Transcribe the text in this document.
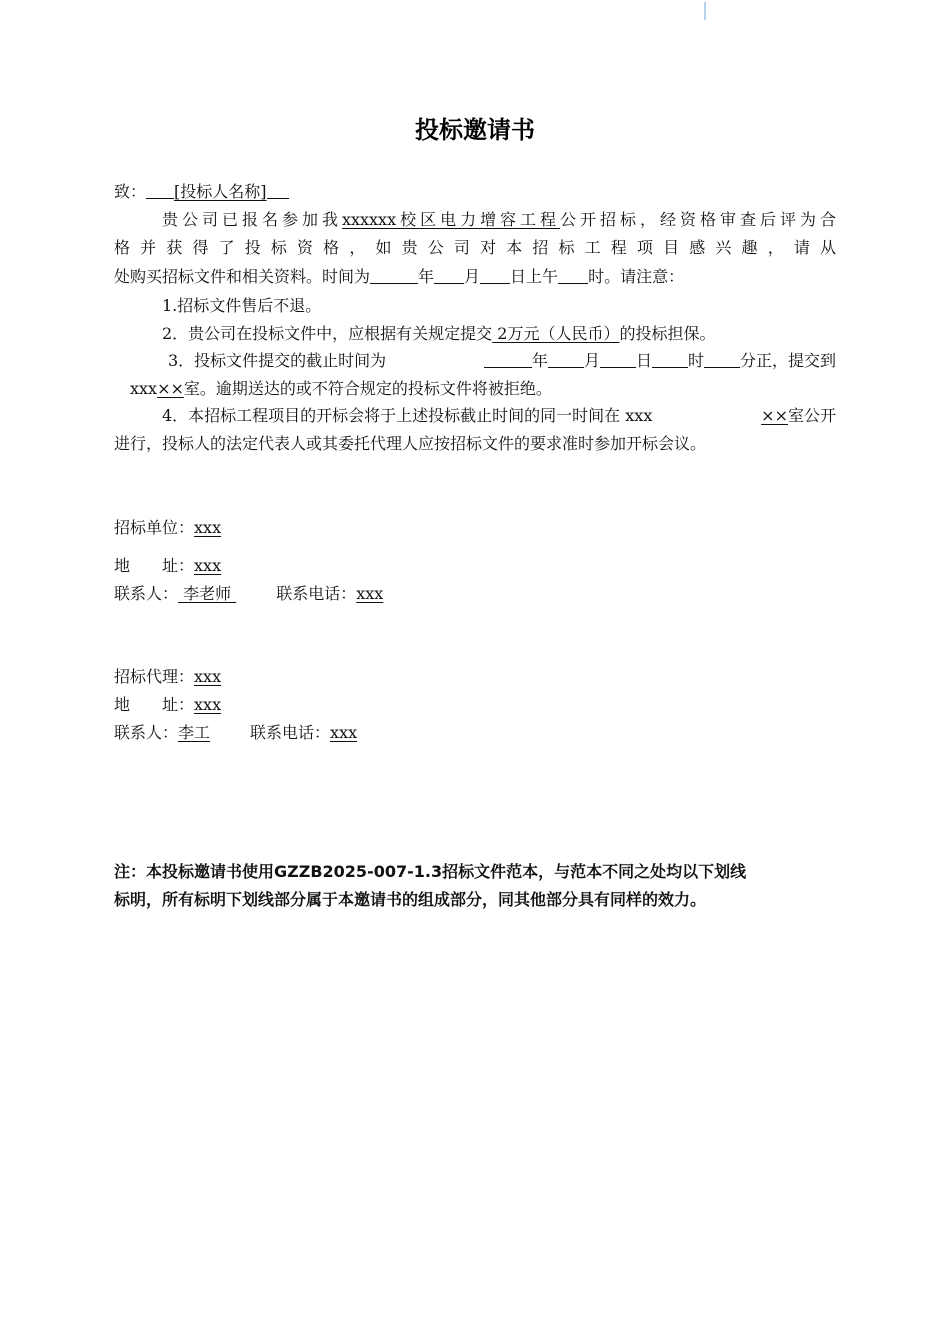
投标邀请书
致： [投标人名称]
贵公司已报名参加我xxxxxx校区电力增容工程公开招标，经资格审查后评为合
格并获得了投标资格，如贵公司对本招标工程项目感兴趣，请从
处购买招标文件和相关资料。时间为	年 月 日上午 时。请注意：
1.招标文件售后不退。
2．贵公司在投标文件中，应根据有关规定提交 2万元（人民币）的投标担保。
3．投标文件提交的截止时间为	年 月 日 时 分正，提交到
xxx××室。逾期送达的或不符合规定的投标文件将被拒绝。
4．本招标工程项目的开标会将于上述投标截止时间的同一时间在 xxx	××室公开
进行，投标人的法定代表人或其委托代理人应按招标文件的要求准时参加开标会议。
招标单位：xxx
地　　址：xxx
联系人： 李老师	联系电话：xxx
招标代理：xxx
地　　址：xxx
联系人：李工	联系电话：xxx
注：本投标邀请书使用GZZB2025-007-1.3招标文件范本，与范本不同之处均以下划线
标明，所有标明下划线部分属于本邀请书的组成部分，同其他部分具有同样的效力。
